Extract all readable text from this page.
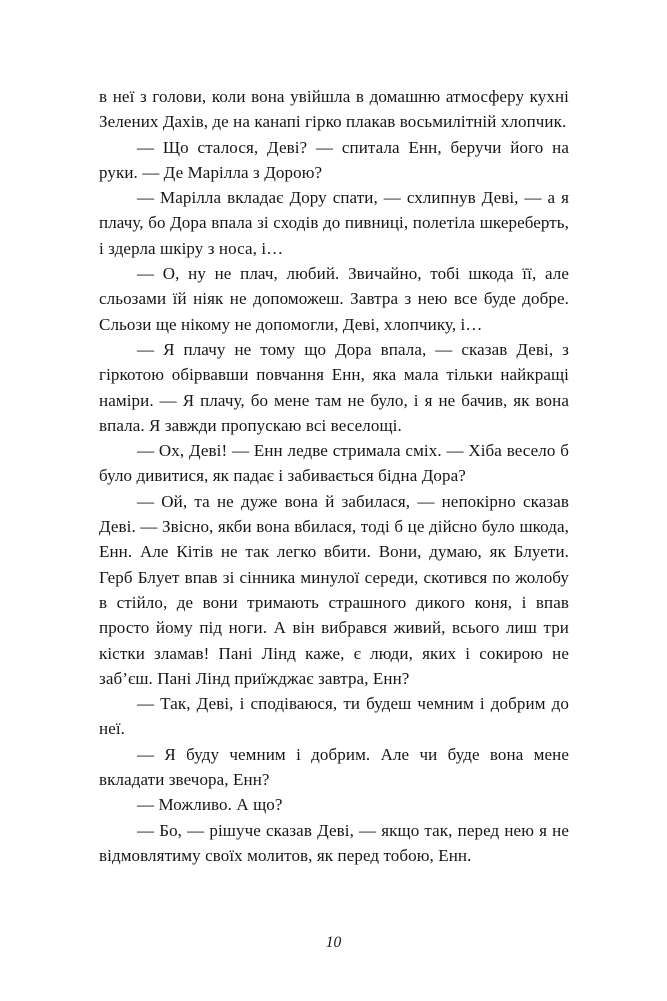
в неї з голови, коли вона увійшла в домашню атмосферу кухні Зелених Дахів, де на канапі гірко плакав восьмилітній хлопчик.

— Що сталося, Деві? — спитала Енн, беручи його на руки. — Де Марілла з Дорою?

— Марілла вкладає Дору спати, — схлипнув Деві, — а я плачу, бо Дора впала зі сходів до пивниці, полетіла шкереберть, і здерла шкіру з носа, і…

— О, ну не плач, любий. Звичайно, тобі шкода її, але сльозами їй ніяк не допоможеш. Завтра з нею все буде добре. Сльози ще нікому не допомогли, Деві, хлопчику, і…

— Я плачу не тому що Дора впала, — сказав Деві, з гіркотою обірвавши повчання Енн, яка мала тільки найкращі наміри. — Я плачу, бо мене там не було, і я не бачив, як вона впала. Я завжди пропускаю всі веселощі.

— Ох, Деві! — Енн ледве стримала сміх. — Хіба весело б було дивитися, як падає і забивається бідна Дора?

— Ой, та не дуже вона й забилася, — непокірно сказав Деві. — Звісно, якби вона вбилася, тоді б це дійсно було шкода, Енн. Але Кітів не так легко вбити. Вони, думаю, як Блуети. Герб Блует впав зі сінника минулої середи, скотився по жолобу в стійло, де вони тримають страшного дикого коня, і впав просто йому під ноги. А він вибрався живий, всього лиш три кістки зламав! Пані Лінд каже, є люди, яких і сокирою не заб’єш. Пані Лінд приїжджає завтра, Енн?

— Так, Деві, і сподіваюся, ти будеш чемним і добрим до неї.

— Я буду чемним і добрим. Але чи буде вона мене вкладати звечора, Енн?

— Можливо. А що?

— Бо, — рішуче сказав Деві, — якщо так, перед нею я не відмовлятиму своїх молитов, як перед тобою, Енн.

10
